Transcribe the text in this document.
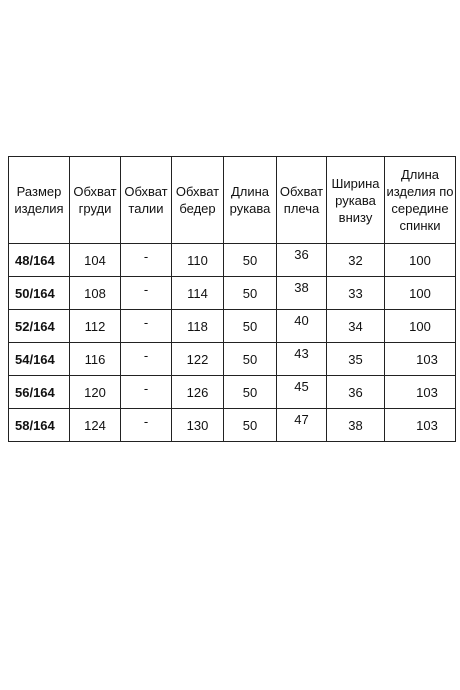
Размер изделия	Обхват груди	Обхват талии	Обхват бедер	Длина рукава	Обхват плеча	Ширина рукава внизу	Длина изделия по середине спинки
48/164	104	-	110	50	36	32	100
50/164	108	-	114	50	38	33	100
52/164	112	-	118	50	40	34	100
54/164	116	-	122	50	43	35	103
56/164	120	-	126	50	45	36	103
58/164	124	-	130	50	47	38	103
